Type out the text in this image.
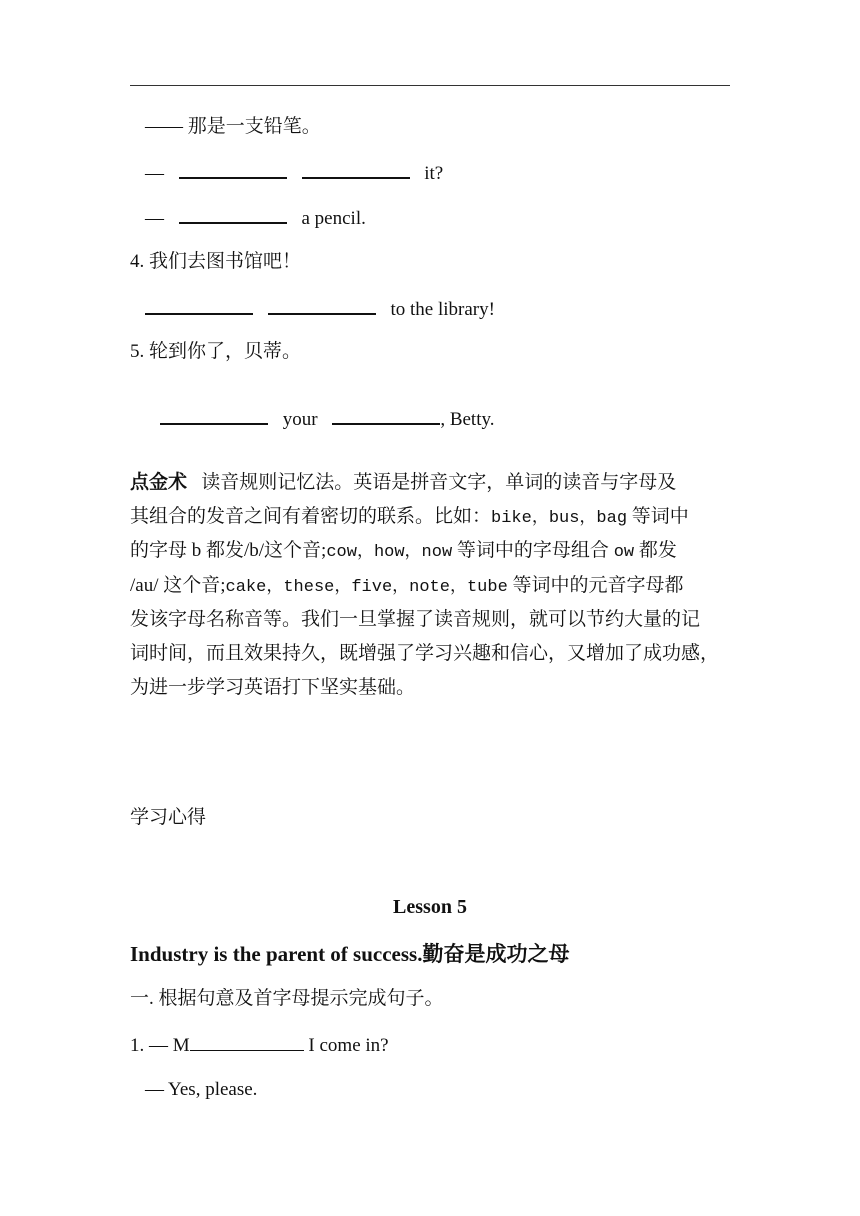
—— 那是一支铅笔。
—	it?
—	a pencil.
4. 我们去图书馆吧！
to the library!
5. 轮到你了，贝蒂。
your	, Betty.
点金术 读音规则记忆法。英语是拼音文字，单词的读音与字母及
其组合的发音之间有着密切的联系。比如：bike，bus，bag 等词中
的字母 b 都发/b/这个音;cow，how，now 等词中的字母组合 ow 都发
/au/ 这个音;cake，these，five，note，tube 等词中的元音字母都
发该字母名称音等。我们一旦掌握了读音规则，就可以节约大量的记
词时间，而且效果持久，既增强了学习兴趣和信心，又增加了成功感，
为进一步学习英语打下坚实基础。
学习心得
Lesson 5
Industry is the parent of success.勤奋是成功之母
一. 根据句意及首字母提示完成句子。
1. — M	I come in?
— Yes, please.
